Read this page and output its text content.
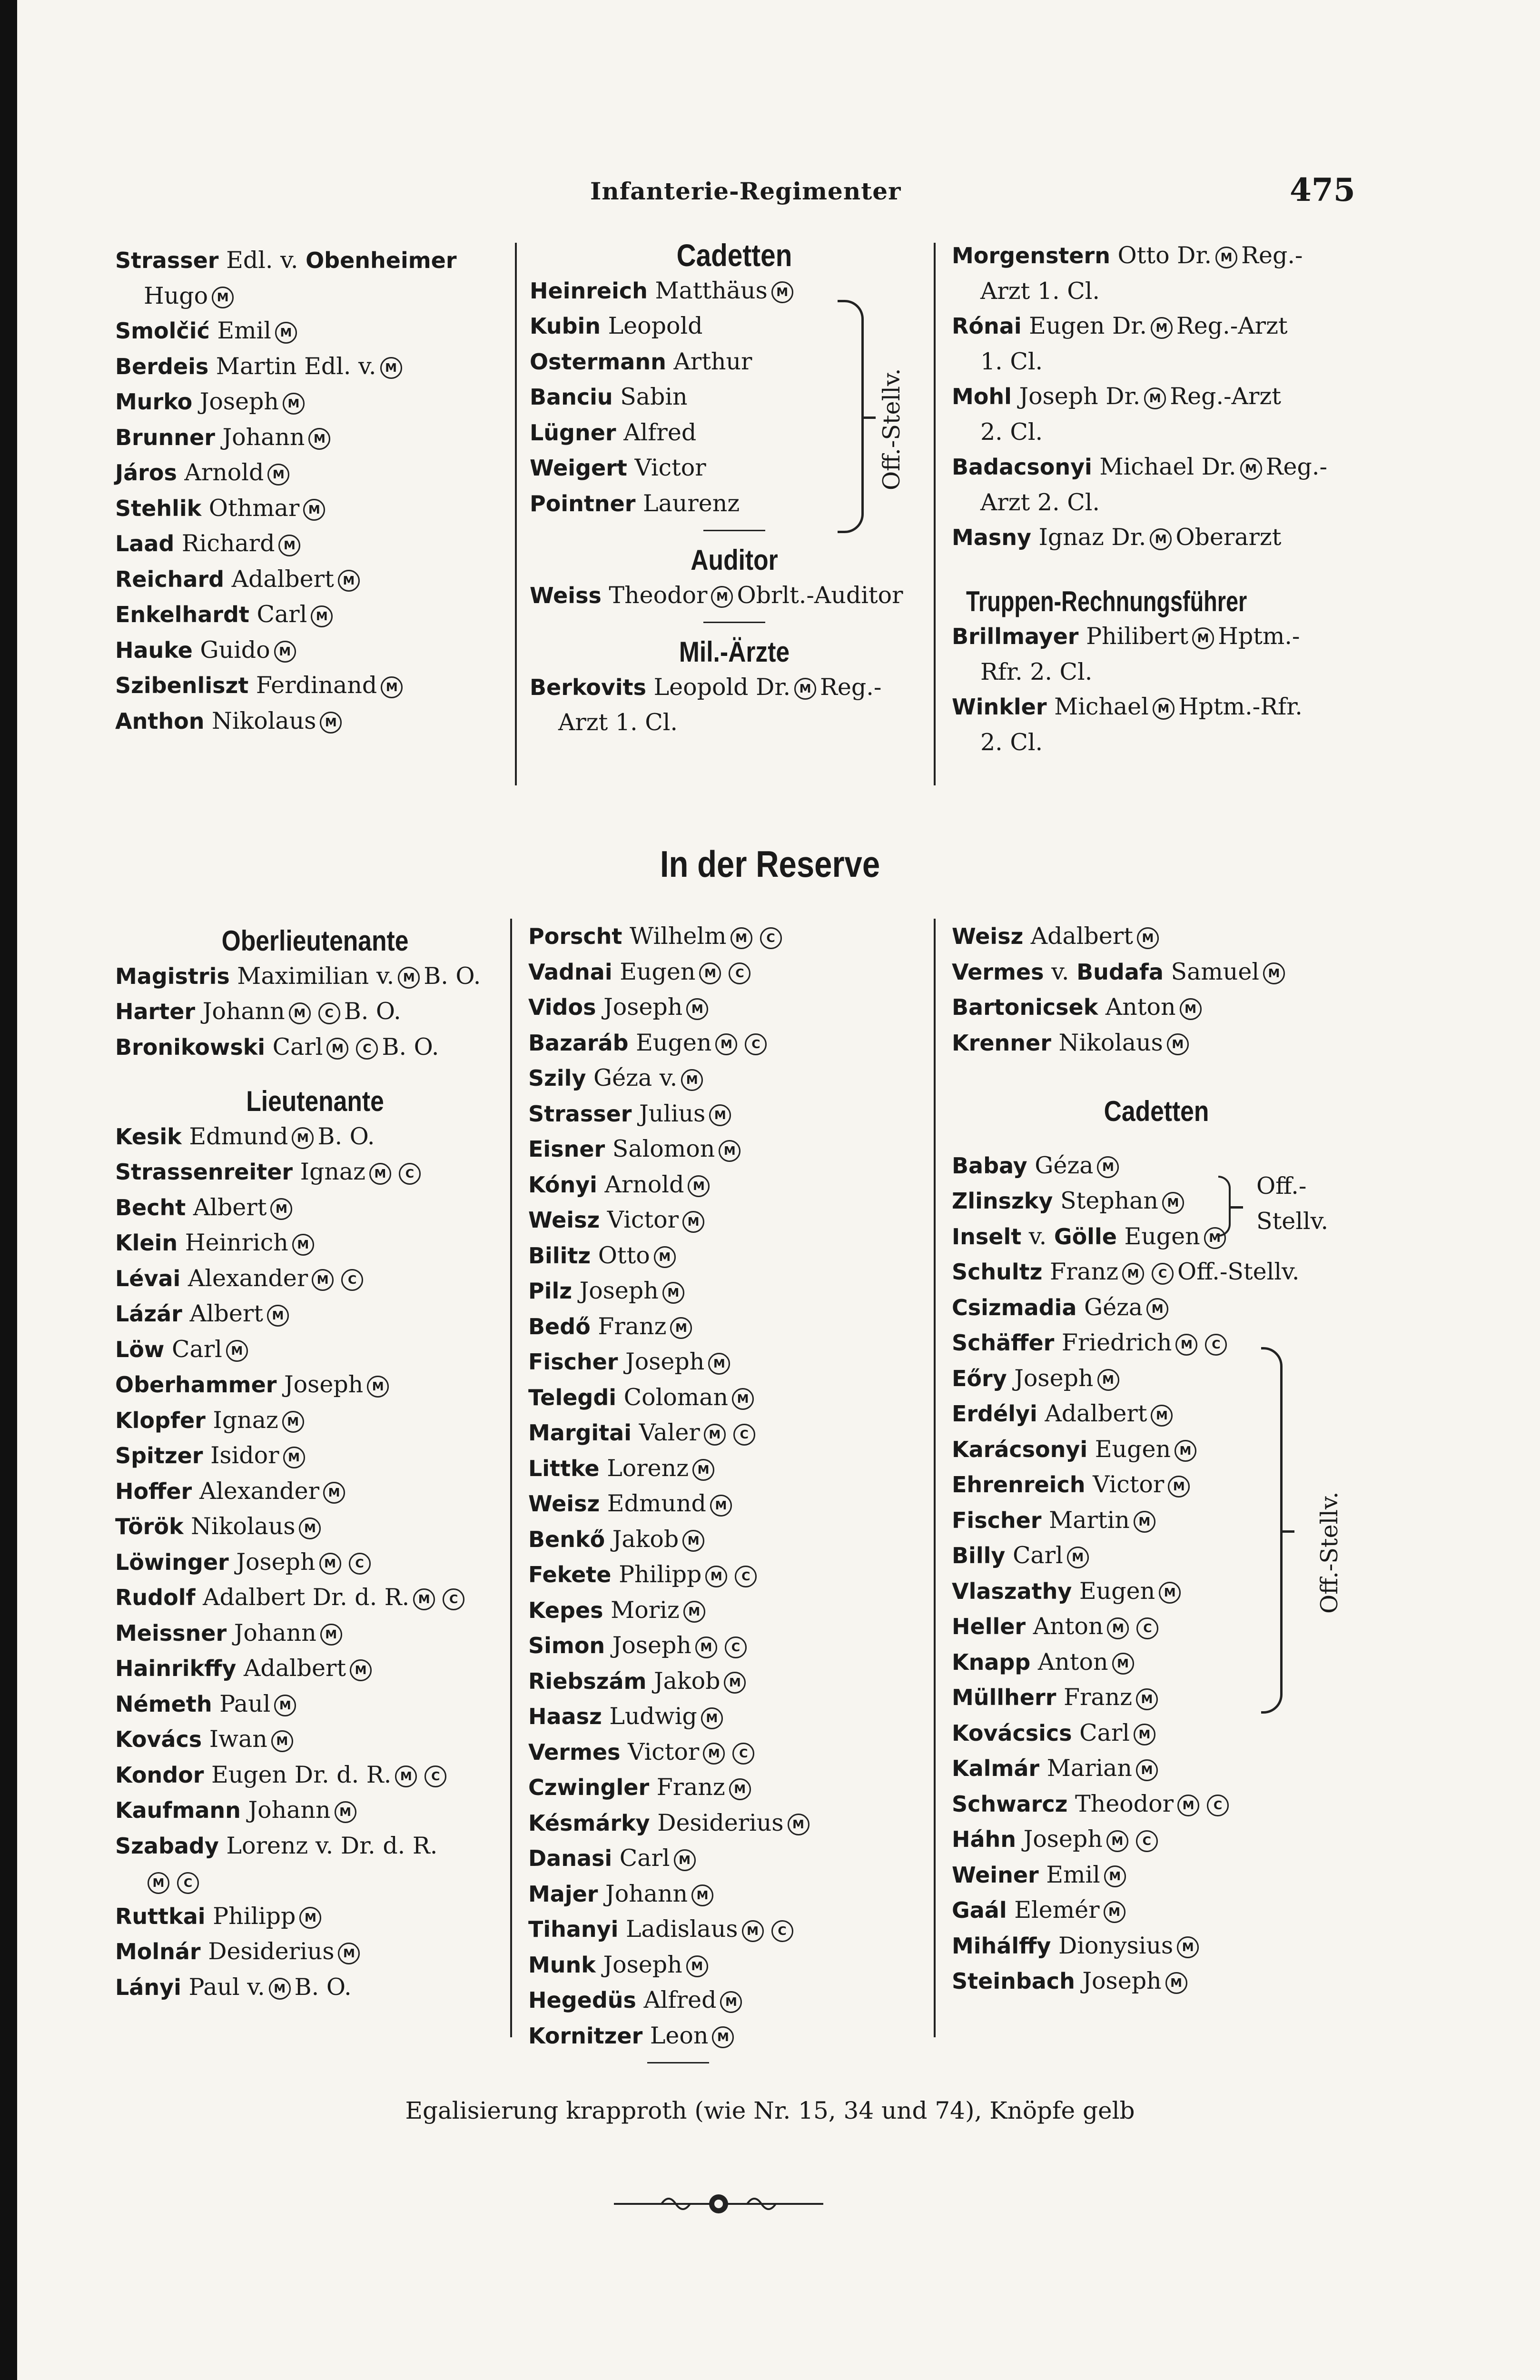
Infanterie-Regimenter	475
Strasser Edl. v. Obenheimer
Hugo M
Smolčić Emil M
Berdeis Martin Edl. v. M
Murko Joseph M
Brunner Johann M
Járos Arnold M
Stehlik Othmar M
Laad Richard M
Reichard Adalbert M
Enkelhardt Carl M
Hauke Guido M
Szibenliszt Ferdinand M
Anthon Nikolaus M
Cadetten
Heinreich Matthäus M
Kubin Leopold
Ostermann Arthur
Banciu Sabin
Lügner Alfred
Weigert Victor
Pointner Laurenz
Auditor
Weiss Theodor M Obrlt.-Auditor
Mil.-Ärzte
Berkovits Leopold Dr. M Reg.-
Arzt 1. Cl.
Off.-Stellv.
Morgenstern Otto Dr. M Reg.-
Arzt 1. Cl.
Rónai Eugen Dr. M Reg.-Arzt
1. Cl.
Mohl Joseph Dr. M Reg.-Arzt
2. Cl.
Badacsonyi Michael Dr. M Reg.-
Arzt 2. Cl.
Masny Ignaz Dr. M Oberarzt
Truppen-Rechnungsführer
Brillmayer Philibert M Hptm.-
Rfr. 2. Cl.
Winkler Michael M Hptm.-Rfr.
2. Cl.
In der Reserve
Oberlieutenante
Magistris Maximilian v. M B. O.
Harter Johann M C B. O.
Bronikowski Carl M C B. O.
Lieutenante
Kesik Edmund M B. O.
Strassenreiter Ignaz M C
Becht Albert M
Klein Heinrich M
Lévai Alexander M C
Lázár Albert M
Löw Carl M
Oberhammer Joseph M
Klopfer Ignaz M
Spitzer Isidor M
Hoffer Alexander M
Török Nikolaus M
Löwinger Joseph M C
Rudolf Adalbert Dr. d. R. M C
Meissner Johann M
Hainrikffy Adalbert M
Németh Paul M
Kovács Iwan M
Kondor Eugen Dr. d. R. M C
Kaufmann Johann M
Szabady Lorenz v. Dr. d. R.
M C
Ruttkai Philipp M
Molnár Desiderius M
Lányi Paul v. M B. O.
Porscht Wilhelm M C
Vadnai Eugen M C
Vidos Joseph M
Bazaráb Eugen M C
Szily Géza v. M
Strasser Julius M
Eisner Salomon M
Kónyi Arnold M
Weisz Victor M
Bilitz Otto M
Pilz Joseph M
Bedő Franz M
Fischer Joseph M
Telegdi Coloman M
Margitai Valer M C
Littke Lorenz M
Weisz Edmund M
Benkő Jakob M
Fekete Philipp M C
Kepes Moriz M
Simon Joseph M C
Riebszám Jakob M
Haasz Ludwig M
Vermes Victor M C
Czwingler Franz M
Késmárky Desiderius M
Danasi Carl M
Majer Johann M
Tihanyi Ladislaus M C
Munk Joseph M
Hegedüs Alfred M
Kornitzer Leon M
Weisz Adalbert M
Vermes v. Budafa Samuel M
Bartonicsek Anton M
Krenner Nikolaus M
Cadetten
Babay Géza M
Zlinszky Stephan M
Inselt v. Gölle Eugen M
Schultz Franz M C Off.-Stellv.
Csizmadia Géza M
Schäffer Friedrich M C
Eőry Joseph M
Erdélyi Adalbert M
Karácsonyi Eugen M
Ehrenreich Victor M
Fischer Martin M
Billy Carl M
Vlaszathy Eugen M
Heller Anton M C
Knapp Anton M
Müllherr Franz M
Kovácsics Carl M
Kalmár Marian M
Schwarcz Theodor M C
Háhn Joseph M C
Weiner Emil M
Gaál Elemér M
Mihálffy Dionysius M
Steinbach Joseph M
Off.-
Stellv.
Off.-Stellv.
Egalisierung krapproth (wie Nr. 15, 34 und 74), Knöpfe gelb
